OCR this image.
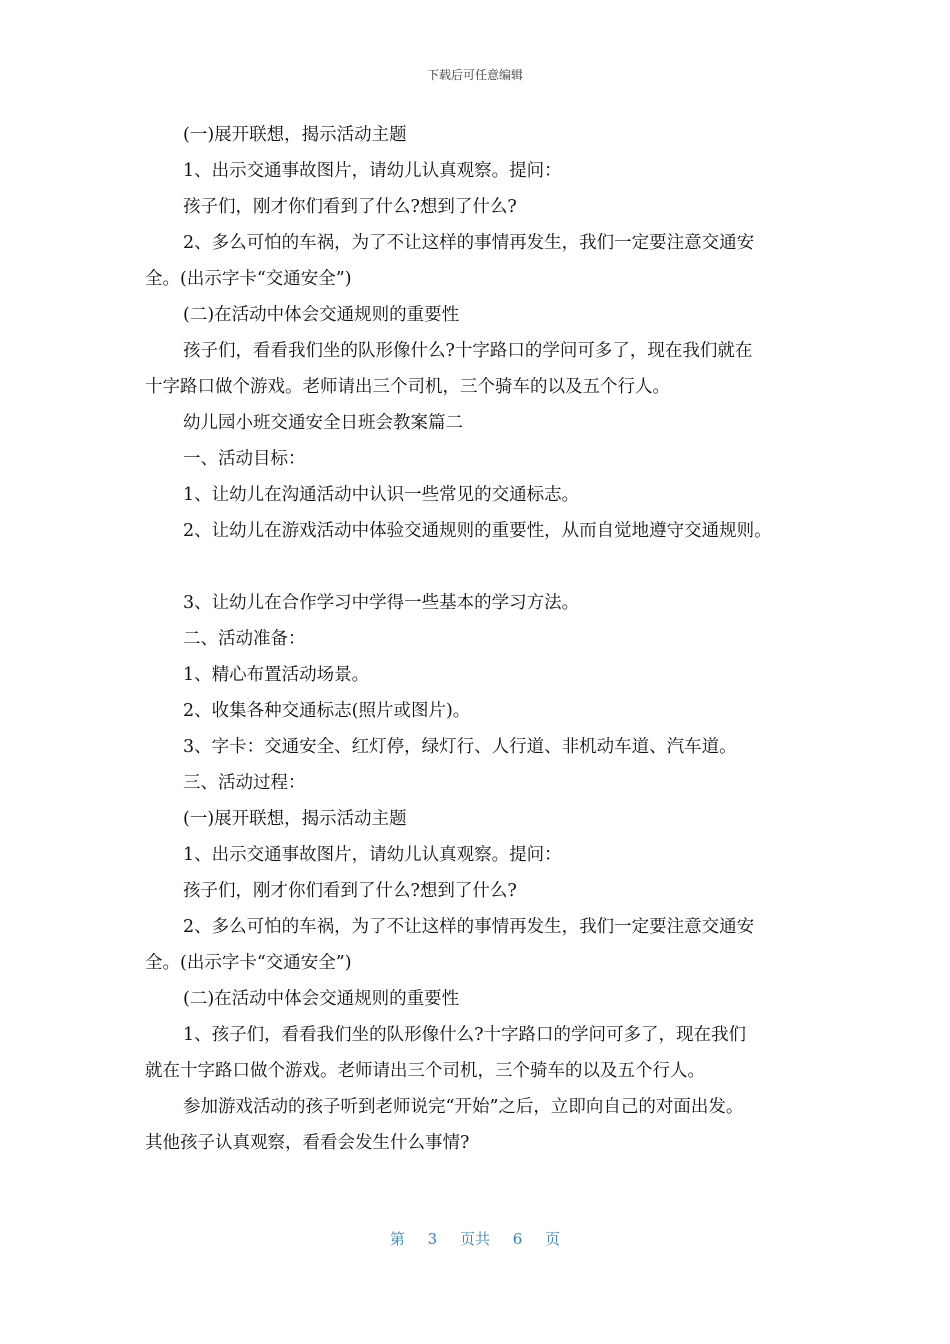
下载后可任意编辑

(一)展开联想，揭示活动主题

1、出示交通事故图片，请幼儿认真观察。提问：

孩子们，刚才你们看到了什么?想到了什么?

2、多么可怕的车祸，为了不让这样的事情再发生，我们一定要注意交通安

全。(出示字卡“交通安全”)

(二)在活动中体会交通规则的重要性

孩子们，看看我们坐的队形像什么?十字路口的学问可多了，现在我们就在

十字路口做个游戏。老师请出三个司机，三个骑车的以及五个行人。

幼儿园小班交通安全日班会教案篇二

一、活动目标：

1、让幼儿在沟通活动中认识一些常见的交通标志。

2、让幼儿在游戏活动中体验交通规则的重要性，从而自觉地遵守交通规则。

3、让幼儿在合作学习中学得一些基本的学习方法。

二、活动准备：

1、精心布置活动场景。

2、收集各种交通标志(照片或图片)。

3、字卡：交通安全、红灯停，绿灯行、人行道、非机动车道、汽车道。

三、活动过程：

(一)展开联想，揭示活动主题

1、出示交通事故图片，请幼儿认真观察。提问：

孩子们，刚才你们看到了什么?想到了什么?

2、多么可怕的车祸，为了不让这样的事情再发生，我们一定要注意交通安

全。(出示字卡“交通安全”)

(二)在活动中体会交通规则的重要性

1、孩子们，看看我们坐的队形像什么?十字路口的学问可多了，现在我们

就在十字路口做个游戏。老师请出三个司机，三个骑车的以及五个行人。

参加游戏活动的孩子听到老师说完“开始”之后，立即向自己的对面出发。

其他孩子认真观察，看看会发生什么事情?

第 3 页共 6 页
